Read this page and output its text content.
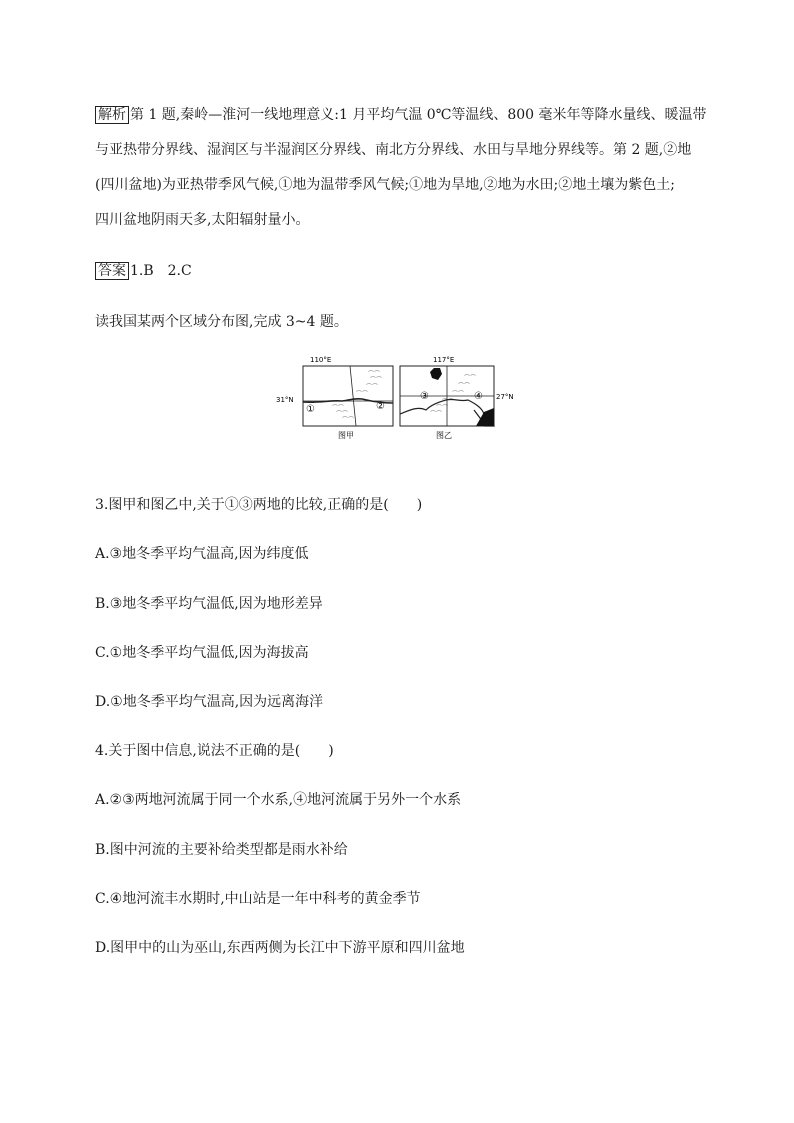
解析 第 1 题,秦岭—淮河一线地理意义:1 月平均气温 0℃等温线、800 毫米年等降水量线、暖温带
与亚热带分界线、湿润区与半湿润区分界线、南北方分界线、水田与旱地分界线等。第 2 题,②地
(四川盆地)为亚热带季风气候,①地为温带季风气候;①地为旱地,②地为水田;②地土壤为紫色土;
四川盆地阴雨天多,太阳辐射量小。
答案 1.B　2.C
读我国某两个区域分布图,完成 3~4 题。
110°E
31°N
①	②
⌒⌒
⌒⌒
⌒⌒
⌒⌒
⌒⌒
⌒⌒
⌒⌒
图甲
117°E
27°N
③	④
⌒⌒
⌒⌒
⌒⌒
⌒⌒
⌒⌒
⌒⌒
图乙
3.图甲和图乙中,关于①③两地的比较,正确的是(　　)
A.③地冬季平均气温高,因为纬度低
B.③地冬季平均气温低,因为地形差异
C.①地冬季平均气温低,因为海拔高
D.①地冬季平均气温高,因为远离海洋
4.关于图中信息,说法不正确的是(　　)
A.②③两地河流属于同一个水系,④地河流属于另外一个水系
B.图中河流的主要补给类型都是雨水补给
C.④地河流丰水期时,中山站是一年中科考的黄金季节
D.图甲中的山为巫山,东西两侧为长江中下游平原和四川盆地
